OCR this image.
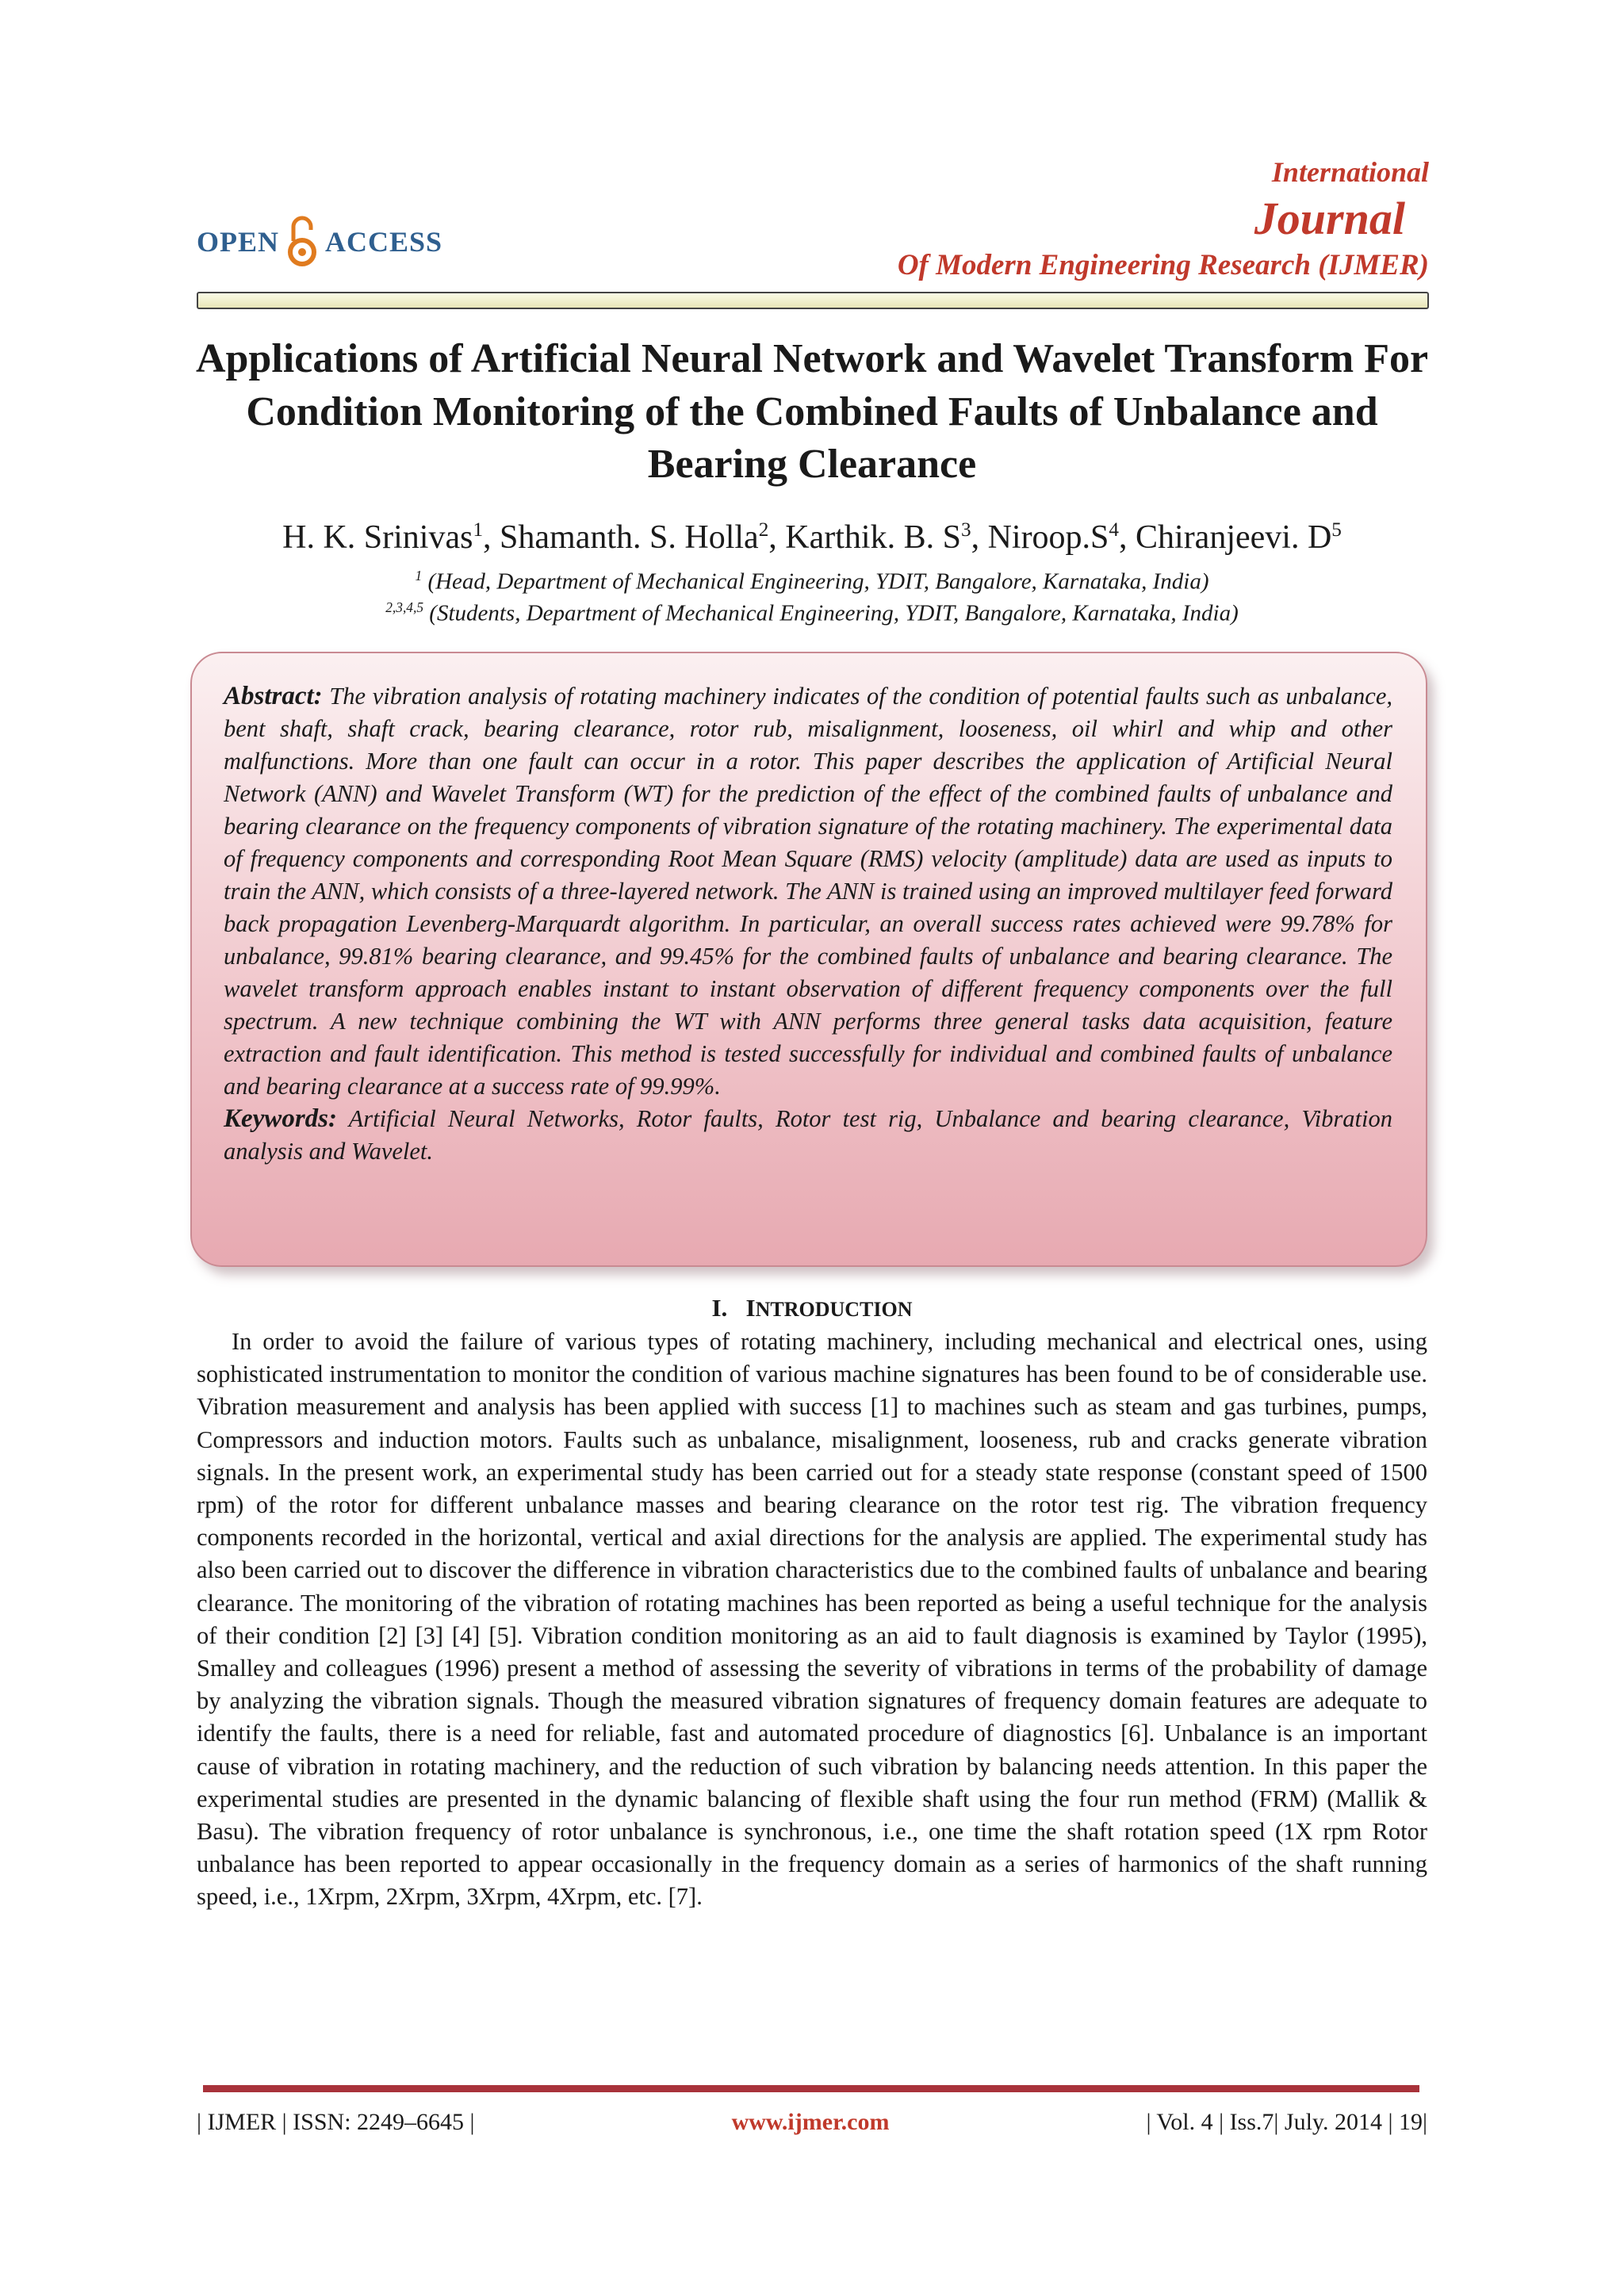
OPEN ACCESS
International
Journal
Of Modern Engineering Research (IJMER)
Applications of Artificial Neural Network and Wavelet Transform For Condition Monitoring of the Combined Faults of Unbalance and Bearing Clearance
H. K. Srinivas$^1$, Shamanth. S. Holla$^2$, Karthik. B. $S^3$, $Niroop.S^4$, Chiranjeevi. $D^5$
$^1$ (Head, Department of Mechanical Engineering, YDIT, Bangalore, Karnataka, India)
$^{2,3,4,5}$ (Students, Department of Mechanical Engineering, YDIT, Bangalore, Karnataka, India)
Abstract: The vibration analysis of rotating machinery indicates of the condition of potential faults such as unbalance, bent shaft, shaft crack, bearing clearance, rotor rub, misalignment, looseness, oil whirl and whip and other malfunctions. More than one fault can occur in a rotor. This paper describes the application of Artificial Neural Network (ANN) and Wavelet Transform (WT) for the prediction of the effect of the combined faults of unbalance and bearing clearance on the frequency components of vibration signature of the rotating machinery. The experimental data of frequency components and corresponding Root Mean Square (RMS) velocity (amplitude) data are used as inputs to train the ANN, which consists of a three-layered network. The ANN is trained using an improved multilayer feed forward back propagation Levenberg-Marquardt algorithm. In particular, an overall success rates achieved were 99.78% for unbalance, 99.81% bearing clearance, and 99.45% for the combined faults of unbalance and bearing clearance. The wavelet transform approach enables instant to instant observation of different frequency components over the full spectrum. A new technique combining the WT with ANN performs three general tasks data acquisition, feature extraction and fault identification. This method is tested successfully for individual and combined faults of unbalance and bearing clearance at a success rate of 99.99%.
Keywords: Artificial Neural Networks, Rotor faults, Rotor test rig, Unbalance and bearing clearance, Vibration analysis and Wavelet.
I. INTRODUCTION
In order to avoid the failure of various types of rotating machinery, including mechanical and electrical ones, using sophisticated instrumentation to monitor the condition of various machine signatures has been found to be of considerable use. Vibration measurement and analysis has been applied with success [1] to machines such as steam and gas turbines, pumps, Compressors and induction motors. Faults such as unbalance, misalignment, looseness, rub and cracks generate vibration signals. In the present work, an experimental study has been carried out for a steady state response (constant speed of 1500 rpm) of the rotor for different unbalance masses and bearing clearance on the rotor test rig. The vibration frequency components recorded in the horizontal, vertical and axial directions for the analysis are applied. The experimental study has also been carried out to discover the difference in vibration characteristics due to the combined faults of unbalance and bearing clearance. The monitoring of the vibration of rotating machines has been reported as being a useful technique for the analysis of their condition [2] [3] [4] [5]. Vibration condition monitoring as an aid to fault diagnosis is examined by Taylor (1995), Smalley and colleagues (1996) present a method of assessing the severity of vibrations in terms of the probability of damage by analyzing the vibration signals. Though the measured vibration signatures of frequency domain features are adequate to identify the faults, there is a need for reliable, fast and automated procedure of diagnostics [6]. Unbalance is an important cause of vibration in rotating machinery, and the reduction of such vibration by balancing needs attention. In this paper the experimental studies are presented in the dynamic balancing of flexible shaft using the four run method (FRM) (Mallik & Basu). The vibration frequency of rotor unbalance is synchronous, i.e., one time the shaft rotation speed (1X rpm Rotor unbalance has been reported to appear occasionally in the frequency domain as a series of harmonics of the shaft running speed, i.e., 1Xrpm, 2Xrpm, 3Xrpm, 4Xrpm, etc. [7].
| IJMER | ISSN: 2249–6645 |	www.ijmer.com	| Vol. 4 | Iss.7| July. 2014 | 19|
